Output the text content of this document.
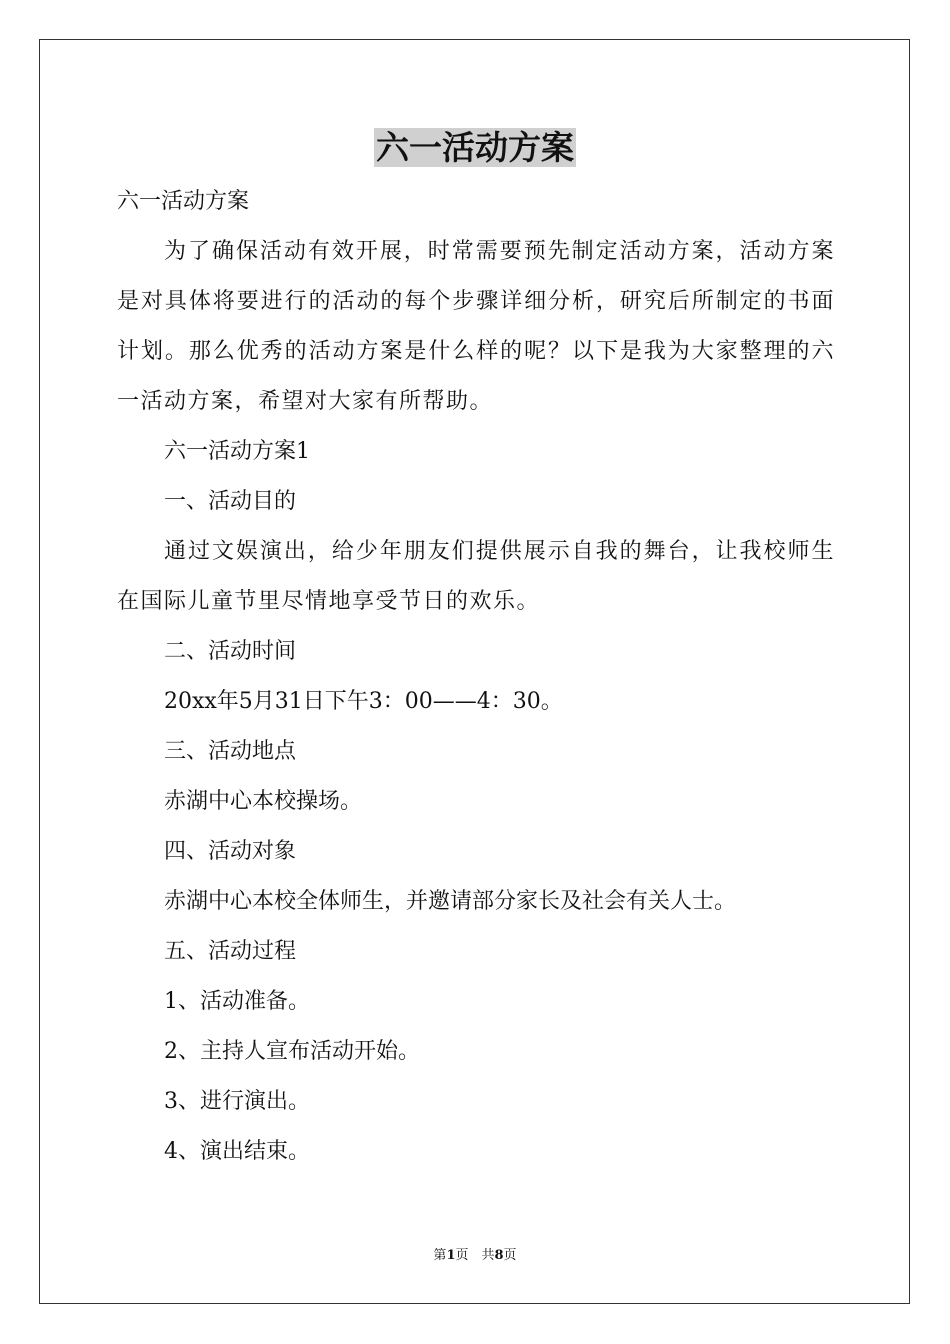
六一活动方案

六一活动方案

为了确保活动有效开展，时常需要预先制定活动方案，活动方案是对具体将要进行的活动的每个步骤详细分析，研究后所制定的书面计划。那么优秀的活动方案是什么样的呢？以下是我为大家整理的六一活动方案，希望对大家有所帮助。

六一活动方案1

一、活动目的

通过文娱演出，给少年朋友们提供展示自我的舞台，让我校师生在国际儿童节里尽情地享受节日的欢乐。

二、活动时间

20xx年5月31日下午3：00——4：30。

三、活动地点

赤湖中心本校操场。

四、活动对象

赤湖中心本校全体师生，并邀请部分家长及社会有关人士。

五、活动过程

1、活动准备。

2、主持人宣布活动开始。

3、进行演出。

4、演出结束。

第1页　共8页
